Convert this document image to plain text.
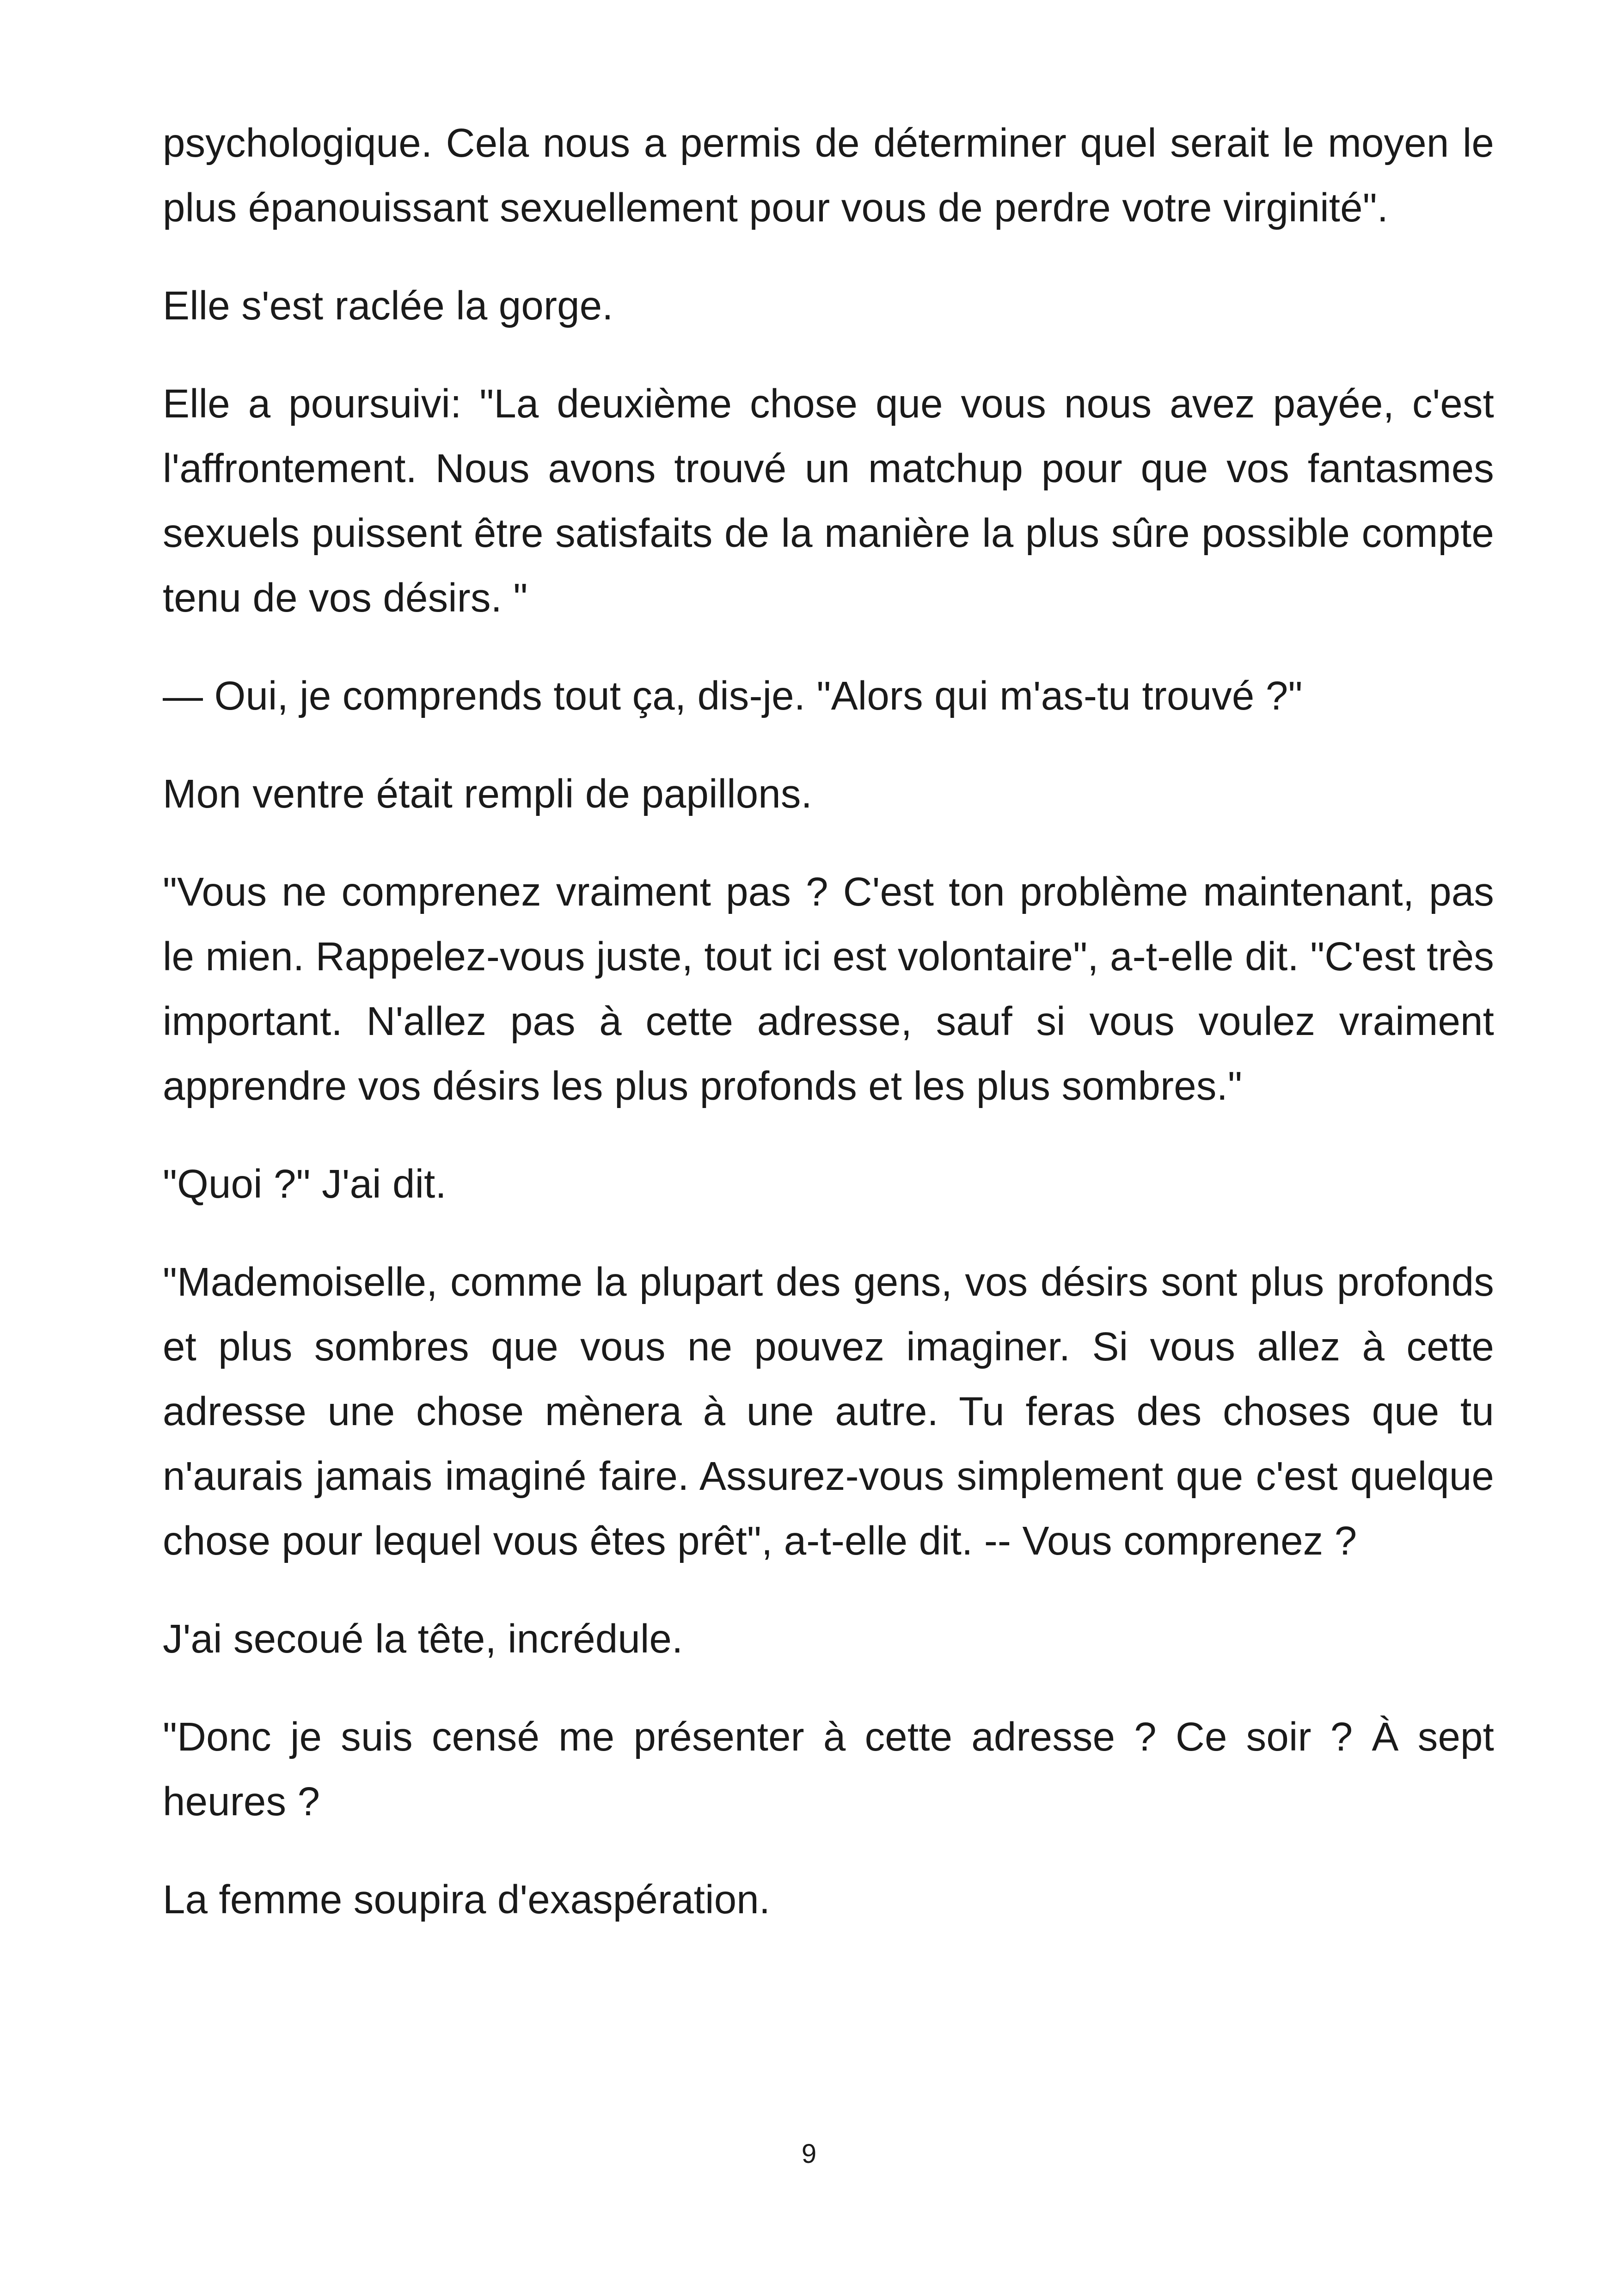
psychologique. Cela nous a permis de déterminer quel serait le moyen le plus épanouissant sexuellement pour vous de perdre votre virginité".

Elle s'est raclée la gorge.

Elle a poursuivi: "La deuxième chose que vous nous avez payée, c'est l'affrontement. Nous avons trouvé un matchup pour que vos fantasmes sexuels puissent être satisfaits de la manière la plus sûre possible compte tenu de vos désirs. "

— Oui, je comprends tout ça, dis-je. "Alors qui m'as-tu trouvé ?"

Mon ventre était rempli de papillons.

"Vous ne comprenez vraiment pas ? C'est ton problème maintenant, pas le mien. Rappelez-vous juste, tout ici est volontaire", a-t-elle dit. "C'est très important. N'allez pas à cette adresse, sauf si vous voulez vraiment apprendre vos désirs les plus profonds et les plus sombres."

"Quoi ?" J'ai dit.

"Mademoiselle, comme la plupart des gens, vos désirs sont plus profonds et plus sombres que vous ne pouvez imaginer. Si vous allez à cette adresse une chose mènera à une autre. Tu feras des choses que tu n'aurais jamais imaginé faire. Assurez-vous simplement que c'est quelque chose pour lequel vous êtes prêt", a-t-elle dit. -- Vous comprenez ?

J'ai secoué la tête, incrédule.

"Donc je suis censé me présenter à cette adresse ? Ce soir ? À sept heures ?

La femme soupira d'exaspération.

9
